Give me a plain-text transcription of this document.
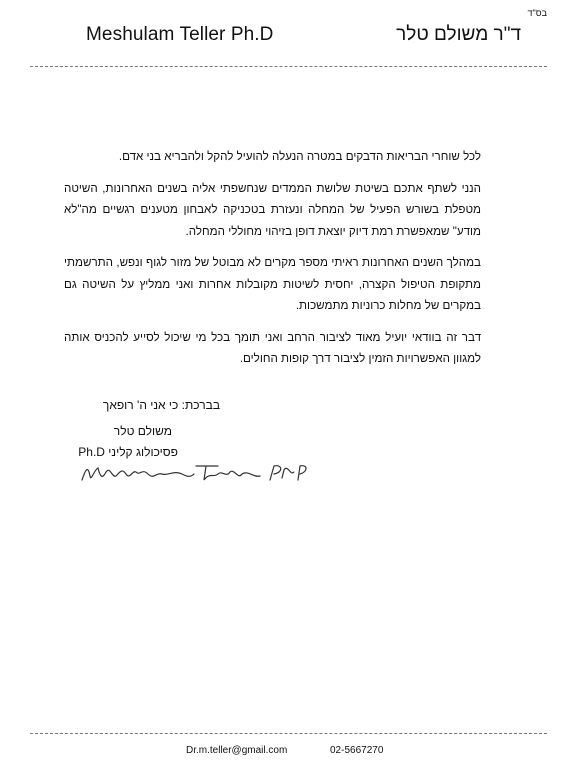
בס"ד
Meshulam Teller Ph.D	ד"ר משולם טלר

לכל שוחרי הבריאות הדבקים במטרה הנעלה להועיל להקל ולהבריא בני אדם.

הנני לשתף אתכם בשיטת שלושת הממדים שנחשפתי אליה בשנים האחרונות, השיטה מטפלת בשורש הפעיל של המחלה ונעזרת בטכניקה לאבחון מטענים רגשיים מה"לא מודע" שמאפשרת רמת דיוק יוצאת דופן בזיהוי מחוללי המחלה.

במהלך השנים האחרונות ראיתי מספר מקרים לא מבוטל של מזור לגוף ונפש, התרשמתי מתקופת הטיפול הקצרה, יחסית לשיטות מקובלות אחרות ואני ממליץ על השיטה גם במקרים של מחלות כרוניות מתמשכות.

דבר זה בוודאי יועיל מאוד לציבור הרחב ואני תומך בכל מי שיכול לסייע להכניס אותה למגוון האפשרויות הזמין לציבור דרך קופות החולים.

בברכת: כי אני ה' רופאך
משולם טלר
פסיכולוג קליני Ph.D
Dr.m.teller@gmail.com	02-5667270
